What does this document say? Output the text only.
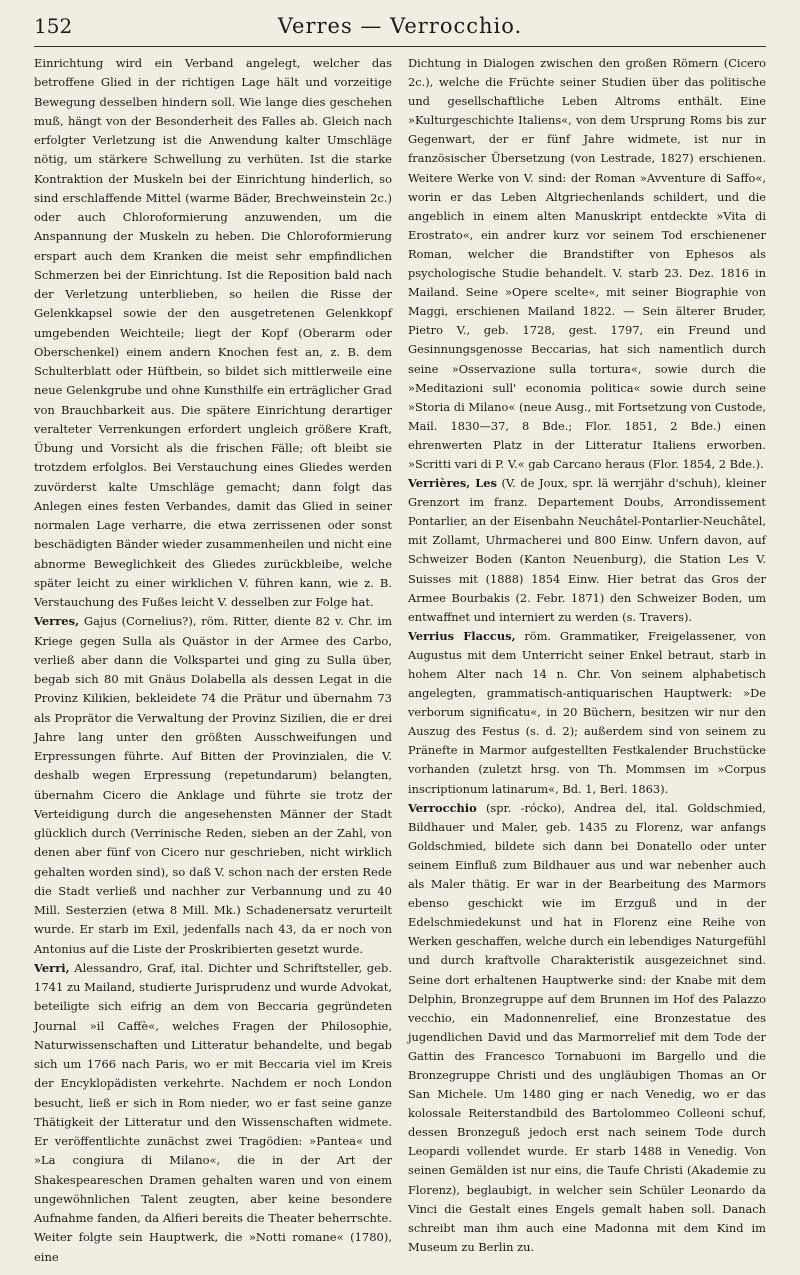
152	Verres — Verrocchio.

Einrichtung wird ein Verband angelegt, welcher das betroffene Glied in der richtigen Lage hält und vorzeitige Bewegung desselben hindern soll. Wie lange dies geschehen muß, hängt von der Besonderheit des Falles ab. Gleich nach erfolgter Verletzung ist die Anwendung kalter Umschläge nötig, um stärkere Schwellung zu verhüten. Ist die starke Kontraktion der Muskeln bei der Einrichtung hinderlich, so sind erschlaffende Mittel (warme Bäder, Brechweinstein 2c.) oder auch Chloroformierung anzuwenden, um die Anspannung der Muskeln zu heben. Die Chloroformierung erspart auch dem Kranken die meist sehr empfindlichen Schmerzen bei der Einrichtung. Ist die Reposition bald nach der Verletzung unterblieben, so heilen die Risse der Gelenkkapsel sowie der den ausgetretenen Gelenkkopf umgebenden Weichteile; liegt der Kopf (Oberarm oder Oberschenkel) einem andern Knochen fest an, z. B. dem Schulterblatt oder Hüftbein, so bildet sich mittlerweile eine neue Gelenkgrube und ohne Kunsthilfe ein erträglicher Grad von Brauchbarkeit aus. Die spätere Einrichtung derartiger veralteter Verrenkungen erfordert ungleich größere Kraft, Übung und Vorsicht als die frischen Fälle; oft bleibt sie trotzdem erfolglos. Bei Verstauchung eines Gliedes werden zuvörderst kalte Umschläge gemacht; dann folgt das Anlegen eines festen Verbandes, damit das Glied in seiner normalen Lage verharre, die etwa zerrissenen oder sonst beschädigten Bänder wieder zusammenheilen und nicht eine abnorme Beweglichkeit des Gliedes zurückbleibe, welche später leicht zu einer wirklichen V. führen kann, wie z. B. Verstauchung des Fußes leicht V. desselben zur Folge hat.

Verres, Gajus (Cornelius?), röm. Ritter, diente 82 v. Chr. im Kriege gegen Sulla als Quästor in der Armee des Carbo, verließ aber dann die Volkspartei und ging zu Sulla über, begab sich 80 mit Gnäus Dolabella als dessen Legat in die Provinz Kilikien, bekleidete 74 die Prätur und übernahm 73 als Proprätor die Verwaltung der Provinz Sizilien, die er drei Jahre lang unter den größten Ausschweifungen und Erpressungen führte. Auf Bitten der Provinzialen, die V. deshalb wegen Erpressung (repetundarum) belangten, übernahm Cicero die Anklage und führte sie trotz der Verteidigung durch die angesehensten Männer der Stadt glücklich durch (Verrinische Reden, sieben an der Zahl, von denen aber fünf von Cicero nur geschrieben, nicht wirklich gehalten worden sind), so daß V. schon nach der ersten Rede die Stadt verließ und nachher zur Verbannung und zu 40 Mill. Sesterzien (etwa 8 Mill. Mk.) Schadenersatz verurteilt wurde. Er starb im Exil, jedenfalls nach 43, da er noch von Antonius auf die Liste der Proskribierten gesetzt wurde.

Verri, Alessandro, Graf, ital. Dichter und Schriftsteller, geb. 1741 zu Mailand, studierte Jurisprudenz und wurde Advokat, beteiligte sich eifrig an dem von Beccaria gegründeten Journal »il Caffè«, welches Fragen der Philosophie, Naturwissenschaften und Litteratur behandelte, und begab sich um 1766 nach Paris, wo er mit Beccaria viel im Kreis der Encyklopädisten verkehrte. Nachdem er noch London besucht, ließ er sich in Rom nieder, wo er fast seine ganze Thätigkeit der Litteratur und den Wissenschaften widmete. Er veröffentlichte zunächst zwei Tragödien: »Pantea« und »La congiura di Milano«, die in der Art der Shakespeareschen Dramen gehalten waren und von einem ungewöhnlichen Talent zeugten, aber keine besondere Aufnahme fanden, da Alfieri bereits die Theater beherrschte. Weiter folgte sein Hauptwerk, die »Notti romane« (1780), eine

Dichtung in Dialogen zwischen den großen Römern (Cicero 2c.), welche die Früchte seiner Studien über das politische und gesellschaftliche Leben Altroms enthält. Eine »Kulturgeschichte Italiens«, von dem Ursprung Roms bis zur Gegenwart, der er fünf Jahre widmete, ist nur in französischer Übersetzung (von Lestrade, 1827) erschienen. Weitere Werke von V. sind: der Roman »Avventure di Saffo«, worin er das Leben Altgriechenlands schildert, und die angeblich in einem alten Manuskript entdeckte »Vita di Erostrato«, ein andrer kurz vor seinem Tod erschienener Roman, welcher die Brandstifter von Ephesos als psychologische Studie behandelt. V. starb 23. Dez. 1816 in Mailand. Seine »Opere scelte«, mit seiner Biographie von Maggi, erschienen Mailand 1822. — Sein älterer Bruder, Pietro V., geb. 1728, gest. 1797, ein Freund und Gesinnungsgenosse Beccarias, hat sich namentlich durch seine »Osservazione sulla tortura«, sowie durch die »Meditazioni sull' economia politica« sowie durch seine »Storia di Milano« (neue Ausg., mit Fortsetzung von Custode, Mail. 1830—37, 8 Bde.; Flor. 1851, 2 Bde.) einen ehrenwerten Platz in der Litteratur Italiens erworben. »Scritti vari di P. V.« gab Carcano heraus (Flor. 1854, 2 Bde.).

Verrières, Les (V. de Joux, spr. lä werrjähr d'schuh), kleiner Grenzort im franz. Departement Doubs, Arrondissement Pontarlier, an der Eisenbahn Neuchâtel-Pontarlier-Neuchâtel, mit Zollamt, Uhrmacherei und 800 Einw. Unfern davon, auf Schweizer Boden (Kanton Neuenburg), die Station Les V. Suisses mit (1888) 1854 Einw. Hier betrat das Gros der Armee Bourbakis (2. Febr. 1871) den Schweizer Boden, um entwaffnet und interniert zu werden (s. Travers).

Verrius Flaccus, röm. Grammatiker, Freigelassener, von Augustus mit dem Unterricht seiner Enkel betraut, starb in hohem Alter nach 14 n. Chr. Von seinem alphabetisch angelegten, grammatisch-antiquarischen Hauptwerk: »De verborum significatu«, in 20 Büchern, besitzen wir nur den Auszug des Festus (s. d. 2); außerdem sind von seinem zu Pränefte in Marmor aufgestellten Festkalender Bruchstücke vorhanden (zuletzt hrsg. von Th. Mommsen im »Corpus inscriptionum latinarum«, Bd. 1, Berl. 1863).

Verrocchio (spr. -rócko), Andrea del, ital. Goldschmied, Bildhauer und Maler, geb. 1435 zu Florenz, war anfangs Goldschmied, bildete sich dann bei Donatello oder unter seinem Einfluß zum Bildhauer aus und war nebenher auch als Maler thätig. Er war in der Bearbeitung des Marmors ebenso geschickt wie im Erzguß und in der Edelschmiedekunst und hat in Florenz eine Reihe von Werken geschaffen, welche durch ein lebendiges Naturgefühl und durch kraftvolle Charakteristik ausgezeichnet sind. Seine dort erhaltenen Hauptwerke sind: der Knabe mit dem Delphin, Bronzegruppe auf dem Brunnen im Hof des Palazzo vecchio, ein Madonnenrelief, eine Bronzestatue des jugendlichen David und das Marmorrelief mit dem Tode der Gattin des Francesco Tornabuoni im Bargello und die Bronzegruppe Christi und des ungläubigen Thomas an Or San Michele. Um 1480 ging er nach Venedig, wo er das kolossale Reiterstandbild des Bartolommeo Colleoni schuf, dessen Bronzeguß jedoch erst nach seinem Tode durch Leopardi vollendet wurde. Er starb 1488 in Venedig. Von seinen Gemälden ist nur eins, die Taufe Christi (Akademie zu Florenz), beglaubigt, in welcher sein Schüler Leonardo da Vinci die Gestalt eines Engels gemalt haben soll. Danach schreibt man ihm auch eine Madonna mit dem Kind im Museum zu Berlin zu.
